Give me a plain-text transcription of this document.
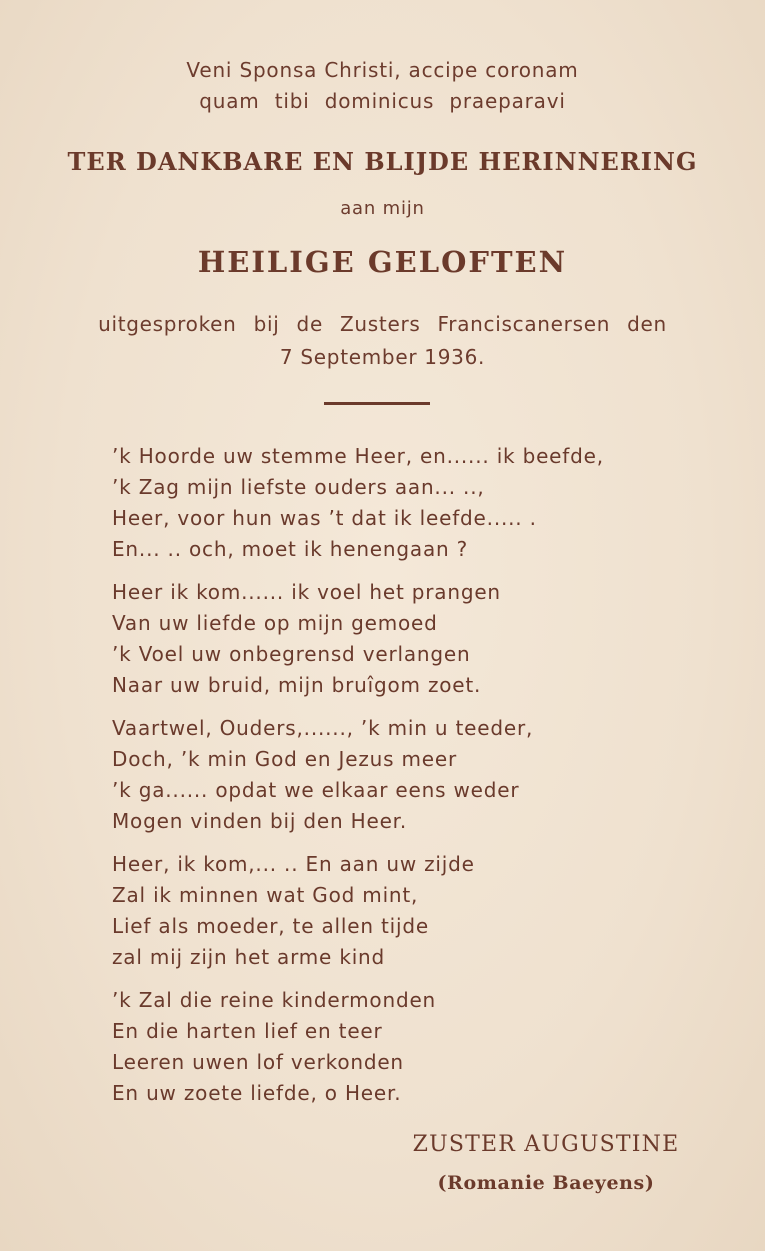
Veni Sponsa Christi, accipe coronam
quam tibi dominicus praeparavi
TER DANKBARE EN BLIJDE HERINNERING
aan mijn
HEILIGE GELOFTEN
uitgesproken bij de Zusters Franciscanersen den
7 September 1936.
’k Hoorde uw stemme Heer, en...... ik beefde,
’k Zag mijn liefste ouders aan... ..,
Heer, voor hun was ’t dat ik leefde..... .
En... .. och, moet ik henengaan ?
Heer ik kom...... ik voel het prangen
Van uw liefde op mijn gemoed
’k Voel uw onbegrensd verlangen
Naar uw bruid, mijn bruîgom zoet.
Vaartwel, Ouders,......, ’k min u teeder,
Doch, ’k min God en Jezus meer
’k ga...... opdat we elkaar eens weder
Mogen vinden bij den Heer.
Heer, ik kom,... .. En aan uw zijde
Zal ik minnen wat God mint,
Lief als moeder, te allen tijde
zal mij zijn het arme kind
’k Zal die reine kindermonden
En die harten lief en teer
Leeren uwen lof verkonden
En uw zoete liefde, o Heer.
ZUSTER AUGUSTINE
(Romanie Baeyens)
